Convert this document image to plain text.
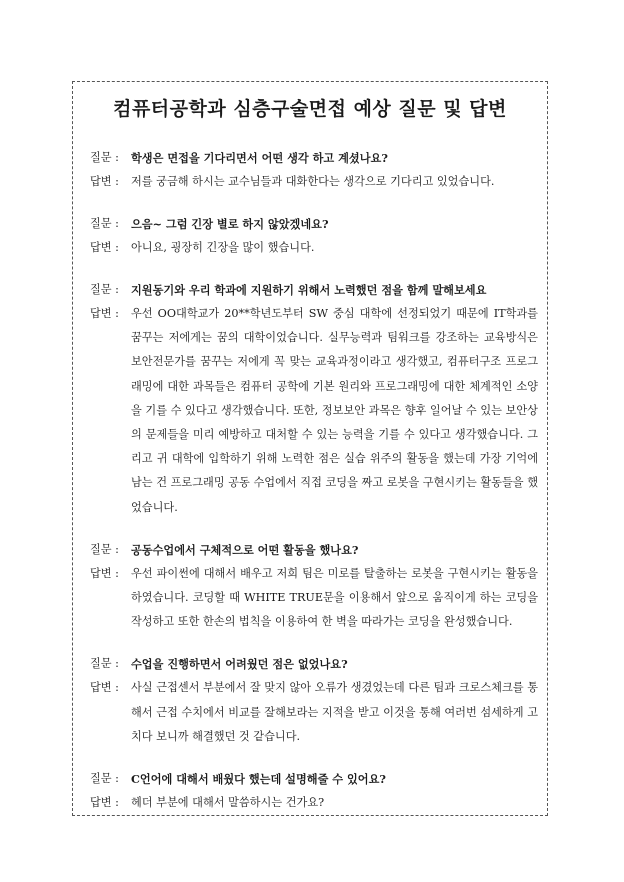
컴퓨터공학과 심층구술면접 예상 질문 및 답변
질문 :	학생은 면접을 기다리면서 어떤 생각 하고 계셨나요?
답변 :	저를 궁금해 하시는 교수님들과 대화한다는 생각으로 기다리고 있었습니다.
질문 :	으음~ 그럼 긴장 별로 하지 않았겠네요?
답변 :	아니요, 굉장히 긴장을 많이 했습니다.
질문 :	지원동기와 우리 학과에 지원하기 위해서 노력했던 점을 함께 말해보세요
답변 :	우선 OO대학교가 20**학년도부터 SW 중심 대학에 선정되었기 때문에 IT학과를 꿈꾸는 저에게는 꿈의 대학이었습니다. 실무능력과 팀워크를 강조하는 교육방식은 보안전문가를 꿈꾸는 저에게 꼭 맞는 교육과정이라고 생각했고, 컴퓨터구조 프로그래밍에 대한 과목들은 컴퓨터 공학에 기본 원리와 프로그래밍에 대한 체계적인 소양을 기를 수 있다고 생각했습니다. 또한, 정보보안 과목은 향후 일어날 수 있는 보안상의 문제들을 미리 예방하고 대처할 수 있는 능력을 기를 수 있다고 생각했습니다. 그리고 귀 대학에 입학하기 위해 노력한 점은 실습 위주의 활동을 했는데 가장 기억에 남는 건 프로그래밍 공동 수업에서 직접 코딩을 짜고 로봇을 구현시키는 활동들을 했었습니다.
질문 :	공동수업에서 구체적으로 어떤 활동을 했나요?
답변 :	우선 파이썬에 대해서 배우고 저희 팀은 미로를 탈출하는 로봇을 구현시키는 활동을 하였습니다. 코딩할 때 WHITE TRUE문을 이용해서 앞으로 움직이게 하는 코딩을 작성하고 또한 한손의 법칙을 이용하여 한 벽을 따라가는 코딩을 완성했습니다.
질문 :	수업을 진행하면서 어려웠던 점은 없었나요?
답변 :	사실 근접센서 부분에서 잘 맞지 않아 오류가 생겼었는데 다른 팀과 크로스체크를 통해서 근접 수치에서 비교를 잘해보라는 지적을 받고 이것을 통해 여러번 섬세하게 고치다 보니까 해결했던 것 같습니다.
질문 :	C언어에 대해서 배웠다 했는데 설명해줄 수 있어요?
답변 :	헤더 부분에 대해서 말씀하시는 건가요?
